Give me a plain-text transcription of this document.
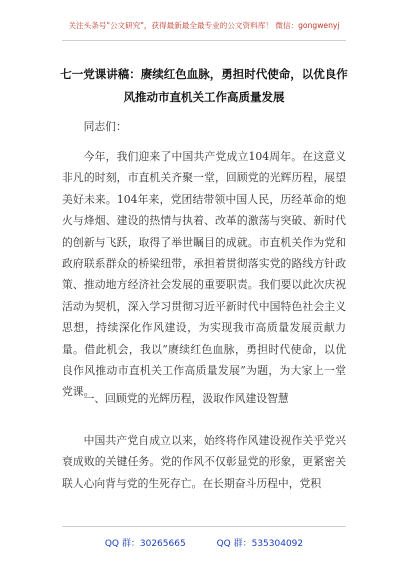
关注头条号"公文研究"，获得最新最全最专业的公文资料库！ 微信：gongwenyj
七一党课讲稿：赓续红色血脉，勇担时代使命，以优良作风推动市直机关工作高质量发展
同志们：
今年，我们迎来了中国共产党成立104周年。在这意义非凡的时刻，市直机关齐聚一堂，回顾党的光辉历程，展望美好未来。104年来，党团结带领中国人民，历经革命的炮火与烽烟、建设的热情与执着、改革的激荡与突破、新时代的创新与飞跃，取得了举世瞩目的成就。市直机关作为党和政府联系群众的桥梁纽带，承担着贯彻落实党的路线方针政策、推动地方经济社会发展的重要职责。我们要以此次庆祝活动为契机，深入学习贯彻习近平新时代中国特色社会主义思想，持续深化作风建设，为实现我市高质量发展贡献力量。借此机会，我以“赓续红色血脉，勇担时代使命，以优良作风推动市直机关工作高质量发展”为题，为大家上一堂党课。
一、回顾党的光辉历程，汲取作风建设智慧
中国共产党自成立以来，始终将作风建设视作关乎党兴衰成败的关键任务。党的作风不仅彰显党的形象，更紧密关联人心向背与党的生死存亡。在长期奋斗历程中，党积
QQ 群：30265665	QQ 群：535304092
